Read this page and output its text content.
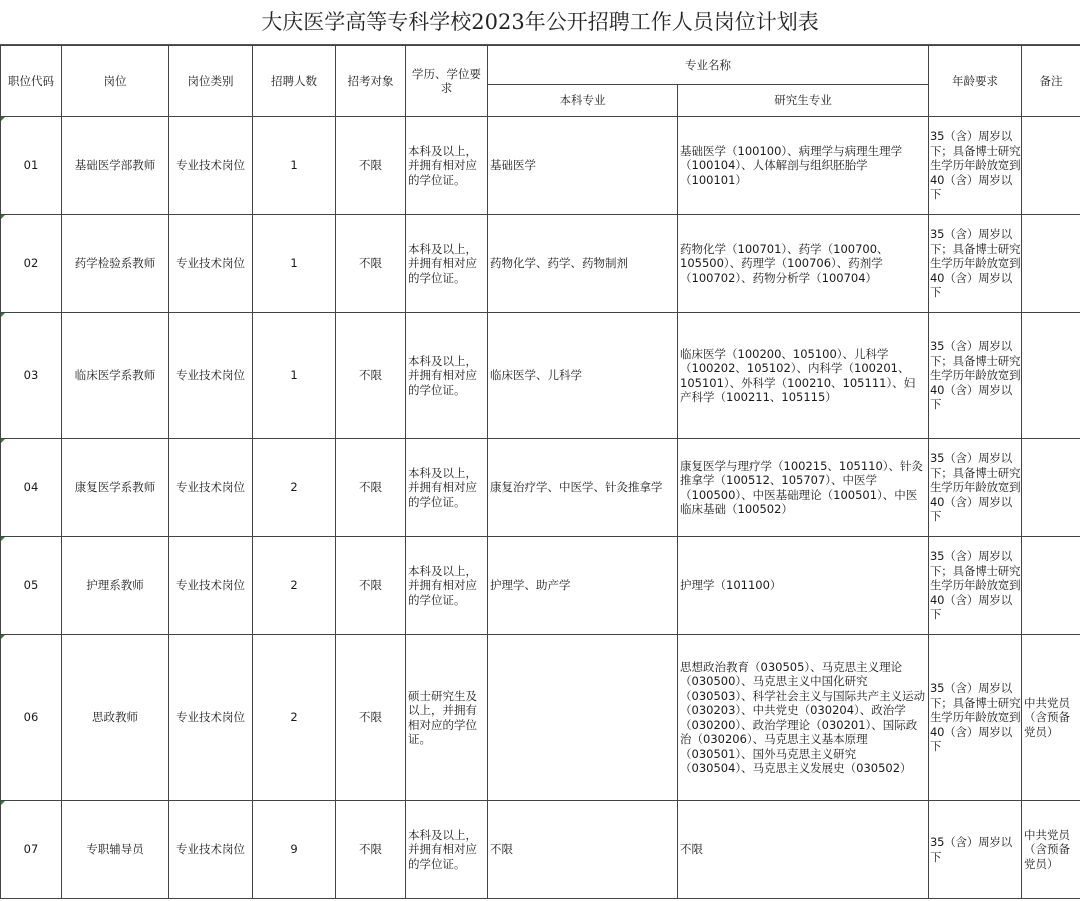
大庆医学高等专科学校2023年公开招聘工作人员岗位计划表
职位代码	岗位	岗位类别	招聘人数	招考对象	学历、学位要求	专业名称		年龄要求	备注
						本科专业	研究生专业		
01	基础医学部教师	专业技术岗位	1	不限	本科及以上，并拥有相对应的学位证。	基础医学	基础医学（100100）、病理学与病理生理学（100104）、人体解剖与组织胚胎学（100101）	35（含）周岁以下；具备博士研究生学历年龄放宽到40（含）周岁以下	
02	药学检验系教师	专业技术岗位	1	不限	本科及以上，并拥有相对应的学位证。	药物化学、药学、药物制剂	药物化学（100701）、药学（100700、105500）、药理学（100706）、药剂学（100702）、药物分析学（100704）	35（含）周岁以下；具备博士研究生学历年龄放宽到40（含）周岁以下	
03	临床医学系教师	专业技术岗位	1	不限	本科及以上，并拥有相对应的学位证。	临床医学、儿科学	临床医学（100200、105100）、儿科学（100202、105102）、内科学（100201、105101）、外科学（100210、105111）、妇产科学（100211、105115）	35（含）周岁以下；具备博士研究生学历年龄放宽到40（含）周岁以下	
04	康复医学系教师	专业技术岗位	2	不限	本科及以上，并拥有相对应的学位证。	康复治疗学、中医学、针灸推拿学	康复医学与理疗学（100215、105110）、针灸推拿学（100512、105707）、中医学（100500）、中医基础理论（100501）、中医临床基础（100502）	35（含）周岁以下；具备博士研究生学历年龄放宽到40（含）周岁以下	
05	护理系教师	专业技术岗位	2	不限	本科及以上，并拥有相对应的学位证。	护理学、助产学	护理学（101100）	35（含）周岁以下；具备博士研究生学历年龄放宽到40（含）周岁以下	
06	思政教师	专业技术岗位	2	不限	硕士研究生及以上，并拥有相对应的学位证。		思想政治教育（030505）、马克思主义理论（030500）、马克思主义中国化研究（030503）、科学社会主义与国际共产主义运动（030203）、中共党史（030204）、政治学（030200）、政治学理论（030201）、国际政治（030206）、马克思主义基本原理（030501）、国外马克思主义研究（030504）、马克思主义发展史（030502）	35（含）周岁以下；具备博士研究生学历年龄放宽到40（含）周岁以下	中共党员（含预备党员）
07	专职辅导员	专业技术岗位	9	不限	本科及以上，并拥有相对应的学位证。	不限	不限	35（含）周岁以下	中共党员（含预备党员）
